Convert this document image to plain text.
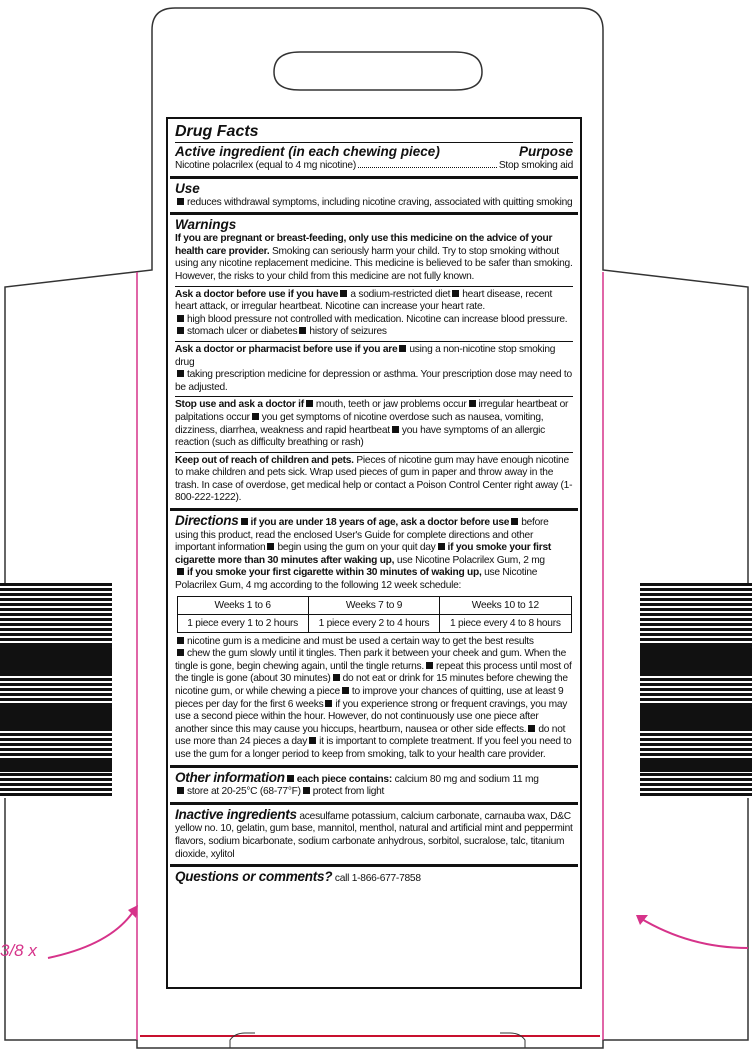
3/8 x
Drug Facts
Active ingredient (in each chewing piece)	Purpose
Nicotine polacrilex (equal to 4 mg nicotine)	Stop smoking aid
Use

reduces withdrawal symptoms, including nicotine craving, associated with quitting smoking

Warnings

If you are pregnant or breast-feeding, only use this medicine on the advice of your health care provider. Smoking can seriously harm your child. Try to stop smoking without using any nicotine replacement medicine. This medicine is believed to be safer than smoking. However, the risks to your child from this medicine are not fully known.

Ask a doctor before use if you have a sodium-restricted diet heart disease, recent heart attack, or irregular heartbeat. Nicotine can increase your heart rate.

high blood pressure not controlled with medication. Nicotine can increase blood pressure.

stomach ulcer or diabetes history of seizures

Ask a doctor or pharmacist before use if you are using a non-nicotine stop smoking drug

taking prescription medicine for depression or asthma. Your prescription dose may need to be adjusted.

Stop use and ask a doctor if mouth, teeth or jaw problems occur irregular heartbeat or palpitations occur you get symptoms of nicotine overdose such as nausea, vomiting, dizziness, diarrhea, weakness and rapid heartbeat you have symptoms of an allergic reaction (such as difficulty breathing or rash)

Keep out of reach of children and pets. Pieces of nicotine gum may have enough nicotine to make children and pets sick. Wrap used pieces of gum in paper and throw away in the trash. In case of overdose, get medical help or contact a Poison Control Center right away (1-800-222-1222).

Directions if you are under 18 years of age, ask a doctor before use before using this product, read the enclosed User's Guide for complete directions and other important information begin using the gum on your quit day if you smoke your first cigarette more than 30 minutes after waking up, use Nicotine Polacrilex Gum, 2 mg

if you smoke your first cigarette within 30 minutes of waking up, use Nicotine Polacrilex Gum, 4 mg according to the following 12 week schedule:

Weeks 1 to 6	Weeks 7 to 9	Weeks 10 to 12
1 piece every 1 to 2 hours	1 piece every 2 to 4 hours	1 piece every 4 to 8 hours

nicotine gum is a medicine and must be used a certain way to get the best results

chew the gum slowly until it tingles. Then park it between your cheek and gum. When the tingle is gone, begin chewing again, until the tingle returns. repeat this process until most of the tingle is gone (about 30 minutes) do not eat or drink for 15 minutes before chewing the nicotine gum, or while chewing a piece to improve your chances of quitting, use at least 9 pieces per day for the first 6 weeks if you experience strong or frequent cravings, you may use a second piece within the hour. However, do not continuously use one piece after another since this may cause you hiccups, heartburn, nausea or other side effects. do not use more than 24 pieces a day it is important to complete treatment. If you feel you need to use the gum for a longer period to keep from smoking, talk to your health care provider.

Other information each piece contains: calcium 80 mg and sodium 11 mg

store at 20-25°C (68-77°F) protect from light

Inactive ingredients acesulfame potassium, calcium carbonate, carnauba wax, D&C yellow no. 10, gelatin, gum base, mannitol, menthol, natural and artificial mint and peppermint flavors, sodium bicarbonate, sodium carbonate anhydrous, sorbitol, sucralose, talc, titanium dioxide, xylitol

Questions or comments? call 1-866-677-7858
